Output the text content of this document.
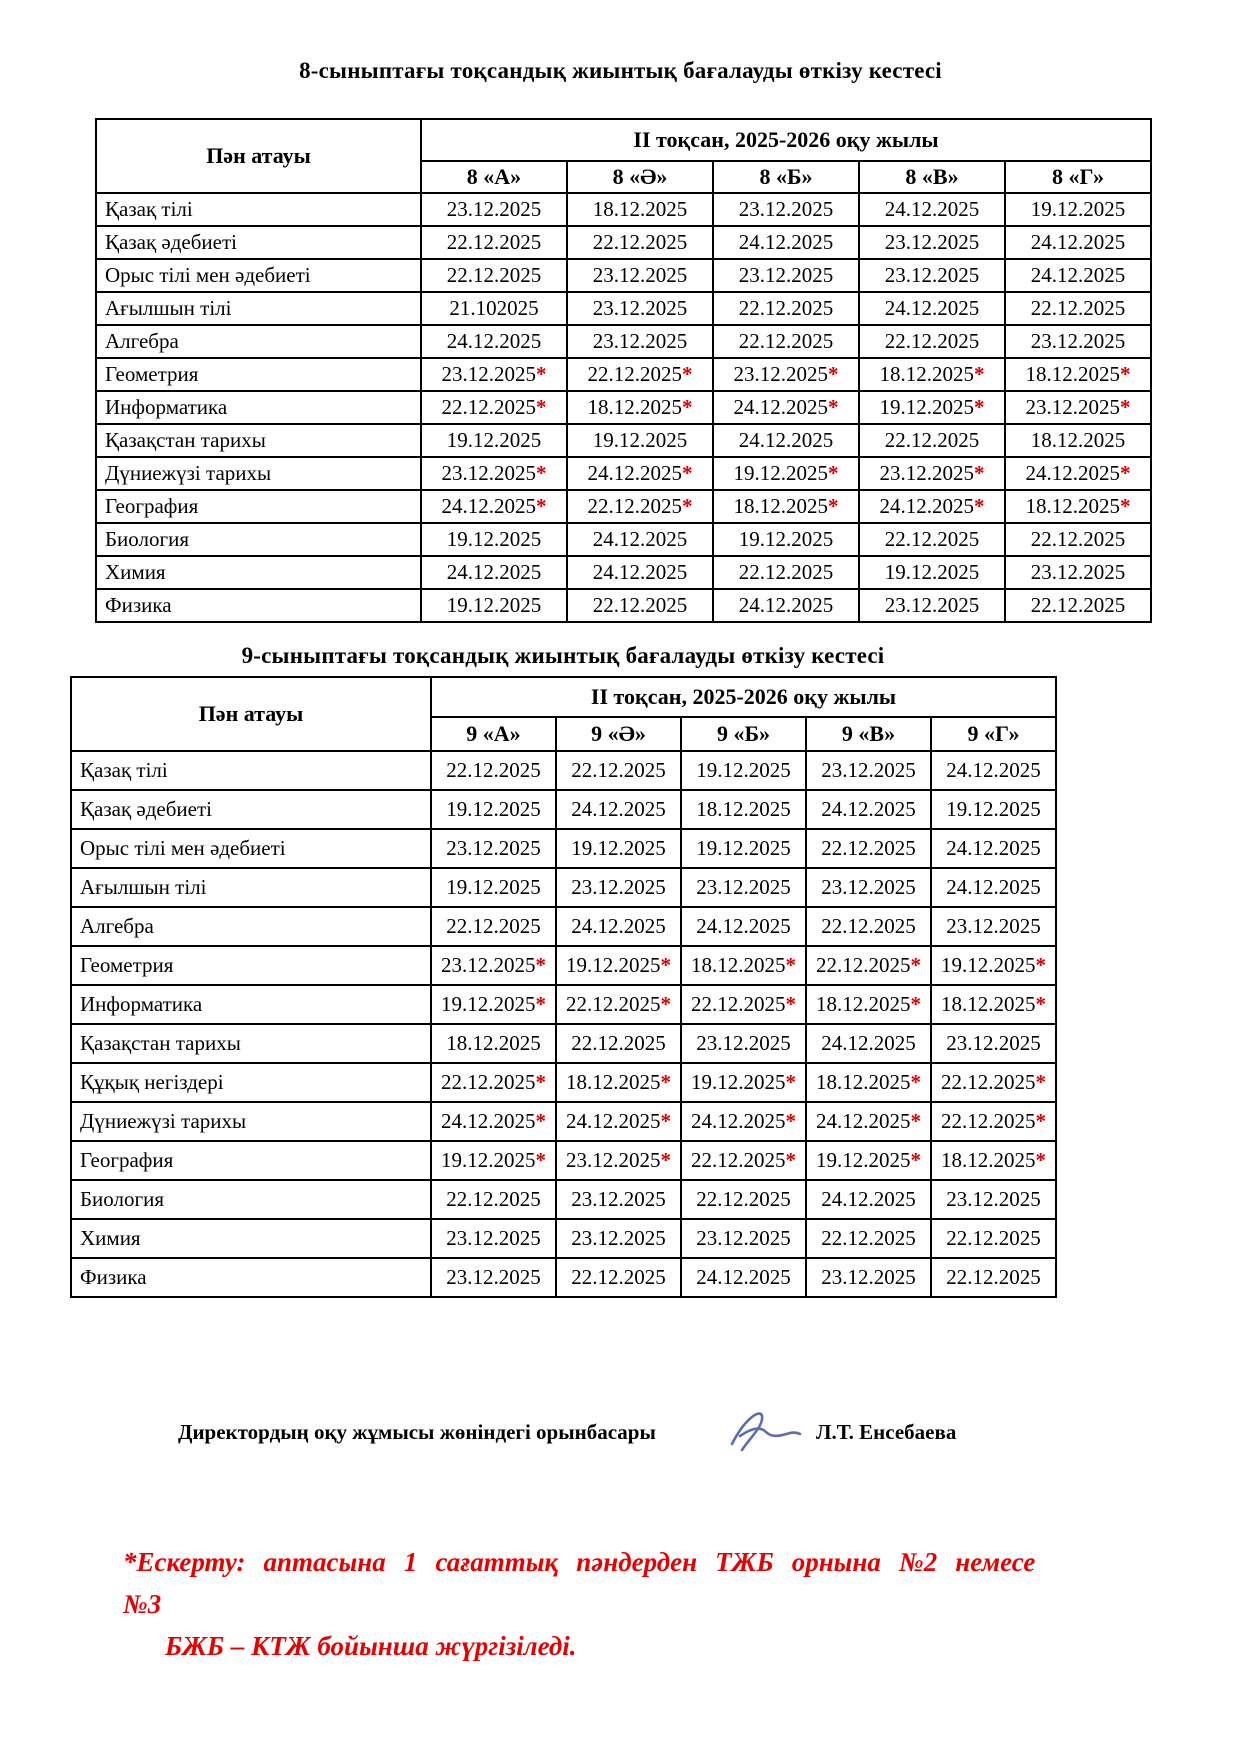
8-сыныптағы тоқсандық жиынтық бағалауды өткізу кестесі
Пән атауы	II тоқсан, 2025-2026 оқу жылы				
	8 «А»	8 «Ә»	8 «Б»	8 «В»	8 «Г»
Қазақ тілі	23.12.2025	18.12.2025	23.12.2025	24.12.2025	19.12.2025
Қазақ әдебиеті	22.12.2025	22.12.2025	24.12.2025	23.12.2025	24.12.2025
Орыс тілі мен әдебиеті	22.12.2025	23.12.2025	23.12.2025	23.12.2025	24.12.2025
Ағылшын тілі	21.102025	23.12.2025	22.12.2025	24.12.2025	22.12.2025
Алгебра	24.12.2025	23.12.2025	22.12.2025	22.12.2025	23.12.2025
Геометрия	23.12.2025*	22.12.2025*	23.12.2025*	18.12.2025*	18.12.2025*
Информатика	22.12.2025*	18.12.2025*	24.12.2025*	19.12.2025*	23.12.2025*
Қазақстан тарихы	19.12.2025	19.12.2025	24.12.2025	22.12.2025	18.12.2025
Дүниежүзі тарихы	23.12.2025*	24.12.2025*	19.12.2025*	23.12.2025*	24.12.2025*
География	24.12.2025*	22.12.2025*	18.12.2025*	24.12.2025*	18.12.2025*
Биология	19.12.2025	24.12.2025	19.12.2025	22.12.2025	22.12.2025
Химия	24.12.2025	24.12.2025	22.12.2025	19.12.2025	23.12.2025
Физика	19.12.2025	22.12.2025	24.12.2025	23.12.2025	22.12.2025
9-сыныптағы тоқсандық жиынтық бағалауды өткізу кестесі
Пән атауы	II тоқсан, 2025-2026 оқу жылы				
	9 «А»	9 «Ә»	9 «Б»	9 «В»	9 «Г»
Қазақ тілі	22.12.2025	22.12.2025	19.12.2025	23.12.2025	24.12.2025
Қазақ әдебиеті	19.12.2025	24.12.2025	18.12.2025	24.12.2025	19.12.2025
Орыс тілі мен әдебиеті	23.12.2025	19.12.2025	19.12.2025	22.12.2025	24.12.2025
Ағылшын тілі	19.12.2025	23.12.2025	23.12.2025	23.12.2025	24.12.2025
Алгебра	22.12.2025	24.12.2025	24.12.2025	22.12.2025	23.12.2025
Геометрия	23.12.2025*	19.12.2025*	18.12.2025*	22.12.2025*	19.12.2025*
Информатика	19.12.2025*	22.12.2025*	22.12.2025*	18.12.2025*	18.12.2025*
Қазақстан тарихы	18.12.2025	22.12.2025	23.12.2025	24.12.2025	23.12.2025
Құқық негіздері	22.12.2025*	18.12.2025*	19.12.2025*	18.12.2025*	22.12.2025*
Дүниежүзі тарихы	24.12.2025*	24.12.2025*	24.12.2025*	24.12.2025*	22.12.2025*
География	19.12.2025*	23.12.2025*	22.12.2025*	19.12.2025*	18.12.2025*
Биология	22.12.2025	23.12.2025	22.12.2025	24.12.2025	23.12.2025
Химия	23.12.2025	23.12.2025	23.12.2025	22.12.2025	22.12.2025
Физика	23.12.2025	22.12.2025	24.12.2025	23.12.2025	22.12.2025
Директордың оқу жұмысы жөніндегі орынбасары	Л.Т. Енсебаева
*Ескерту: аптасына 1 сағаттық пәндерден ТЖБ орнына №2 немесе №3
БЖБ – КТЖ бойынша жүргізіледі.
